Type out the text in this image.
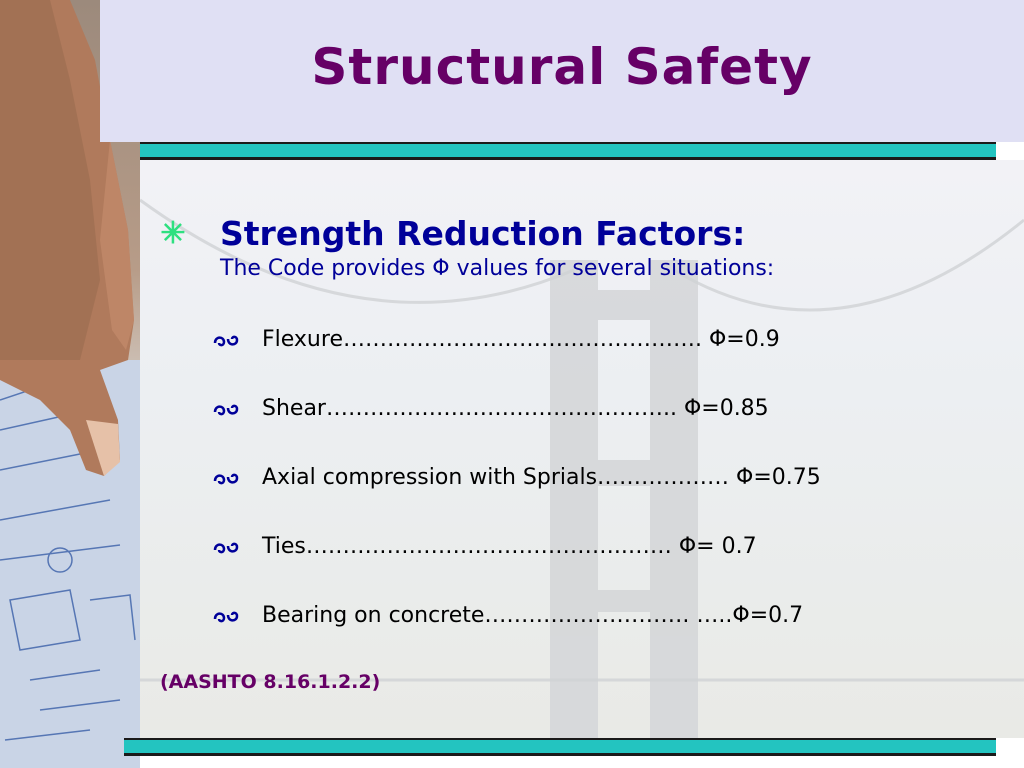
Structural Safety
✳ Strength Reduction Factors:
The Code provides Φ values for several situations:
Flexure…………………………………………. Φ=0.9
Shear……………….……………………….. Φ=0.85
Axial compression with Sprials……………… Φ=0.75
Ties……………………………………..…… Φ= 0.7
Bearing on concrete………………………. …..Φ=0.7
(AASHTO 8.16.1.2.2)
